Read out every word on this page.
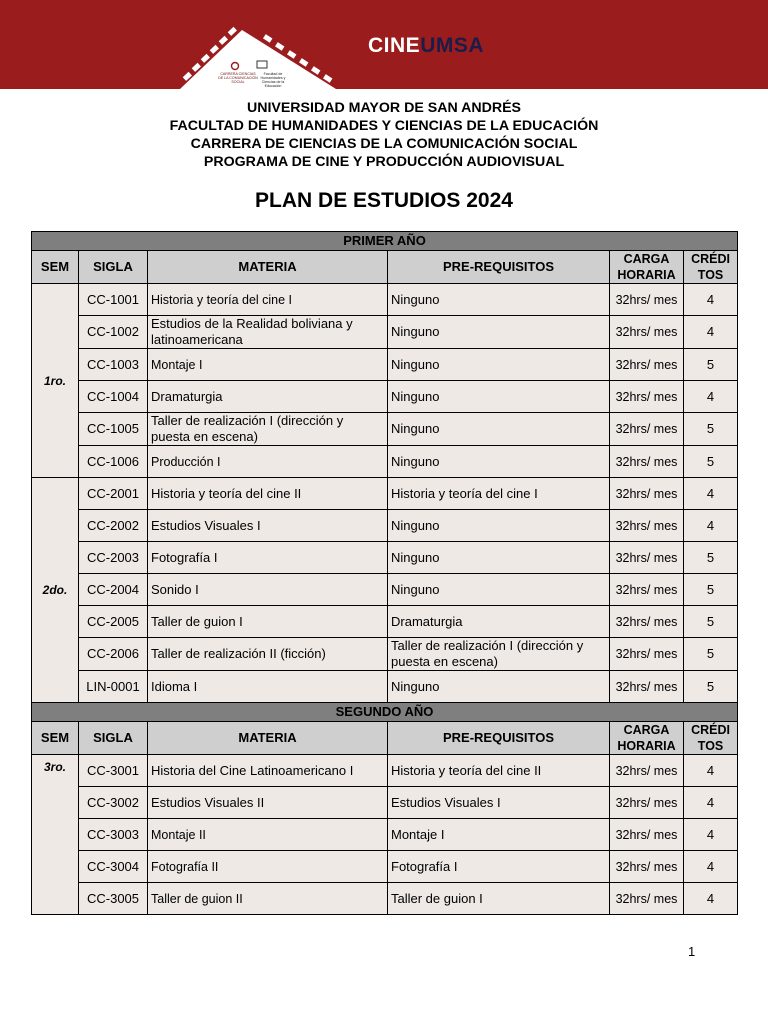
CARRERA CIENCIAS DE LA COMUNICACIÓN SOCIAL
Facultad de Humanidades y Ciencias de la Educación
CINEUMSA
UNIVERSIDAD MAYOR DE SAN ANDRÉS
FACULTAD DE HUMANIDADES Y CIENCIAS DE LA EDUCACIÓN
CARRERA DE CIENCIAS DE LA COMUNICACIÓN SOCIAL
PROGRAMA DE CINE Y PRODUCCIÓN AUDIOVISUAL
PLAN DE ESTUDIOS 2024
PRIMER AÑO					
SEM	SIGLA	MATERIA	PRE-REQUISITOS	CARGA HORARIA	CRÉDI TOS
1ro.	CC-1001	Historia y teoría del cine I	Ninguno	32hrs/ mes	4
	CC-1002	Estudios de la Realidad boliviana y latinoamericana	Ninguno	32hrs/ mes	4
	CC-1003	Montaje I	Ninguno	32hrs/ mes	5
	CC-1004	Dramaturgia	Ninguno	32hrs/ mes	4
	CC-1005	Taller de realización I (dirección y puesta en escena)	Ninguno	32hrs/ mes	5
	CC-1006	Producción I	Ninguno	32hrs/ mes	5
2do.	CC-2001	Historia y teoría del cine II	Historia y teoría del cine I	32hrs/ mes	4
	CC-2002	Estudios Visuales I	Ninguno	32hrs/ mes	4
	CC-2003	Fotografía I	Ninguno	32hrs/ mes	5
	CC-2004	Sonido I	Ninguno	32hrs/ mes	5
	CC-2005	Taller de guion I	Dramaturgia	32hrs/ mes	5
	CC-2006	Taller de realización II (ficción)	Taller de realización I (dirección y puesta en escena)	32hrs/ mes	5
	LIN-0001	Idioma I	Ninguno	32hrs/ mes	5
SEGUNDO AÑO					
SEM	SIGLA	MATERIA	PRE-REQUISITOS	CARGA HORARIA	CRÉDI TOS
3ro.	CC-3001	Historia del Cine Latinoamericano I	Historia y teoría del cine II	32hrs/ mes	4
	CC-3002	Estudios Visuales II	Estudios Visuales I	32hrs/ mes	4
	CC-3003	Montaje II	Montaje I	32hrs/ mes	4
	CC-3004	Fotografía II	Fotografía I	32hrs/ mes	4
	CC-3005	Taller de guion II	Taller de guion I	32hrs/ mes	4
1
